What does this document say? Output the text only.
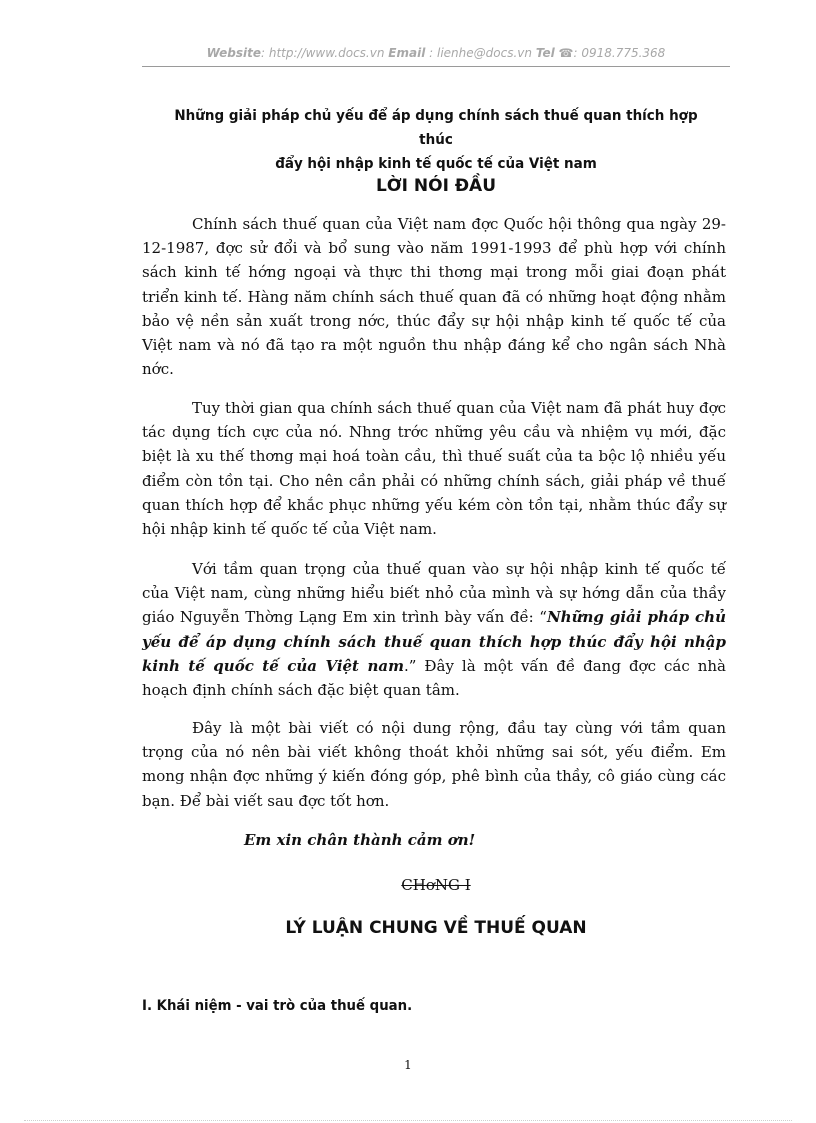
Website: http://www.docs.vn Email : lienhe@docs.vn Tel ☎: 0918.775.368
Những giải pháp chủ yếu để áp dụng chính sách thuế quan thích hợp thúc
đẩy hội nhập kinh tế quốc tế của Việt nam
LỜI NÓI ĐẦU

Chính sách thuế quan của Việt nam đợc Quốc hội thông qua ngày 29-12-1987, đợc sử đổi và bổ sung vào năm 1991-1993 để phù hợp với chính sách kinh tế hớng ngoại và thực thi thơng mại trong mỗi giai đoạn phát triển kinh tế. Hàng năm chính sách thuế quan đã có những hoạt động nhằm bảo vệ nền sản xuất trong nớc, thúc đẩy sự hội nhập kinh tế quốc tế của Việt nam và nó đã tạo ra một nguồn thu nhập đáng kể cho ngân sách Nhà nớc.

Tuy thời gian qua chính sách thuế quan của Việt nam đã phát huy đợc tác dụng tích cực của nó. Nhng trớc những yêu cầu và nhiệm vụ mới, đặc biệt là xu thế thơng mại hoá toàn cầu, thì thuế suất của ta bộc lộ nhiều yếu điểm còn tồn tại. Cho nên cần phải có những chính sách, giải pháp về thuế quan thích hợp để khắc phục những yếu kém còn tồn tại, nhằm thúc đẩy sự hội nhập kinh tế quốc tế của Việt nam.

Với tầm quan trọng của thuế quan vào sự hội nhập kinh tế quốc tế của Việt nam, cùng những hiểu biết nhỏ của mình và sự hớng dẫn của thầy giáo Nguyễn Thờng Lạng Em xin trình bày vấn đề: “Những giải pháp chủ yếu để áp dụng chính sách thuế quan thích hợp thúc đẩy hội nhập kinh tế quốc tế của Việt nam.” Đây là một vấn đề đang đợc các nhà hoạch định chính sách đặc biệt quan tâm.

Đây là một bài viết có nội dung rộng, đầu tay cùng với tầm quan trọng của nó nên bài viết không thoát khỏi những sai sót, yếu điểm. Em mong nhận đợc những ý kiến đóng góp, phê bình của thầy, cô giáo cùng các bạn. Để bài viết sau đợc tốt hơn.

Em xin chân thành cảm ơn!
CHơNG I
LÝ LUẬN CHUNG VỀ THUẾ QUAN
I. Khái niệm - vai trò của thuế quan.
1
